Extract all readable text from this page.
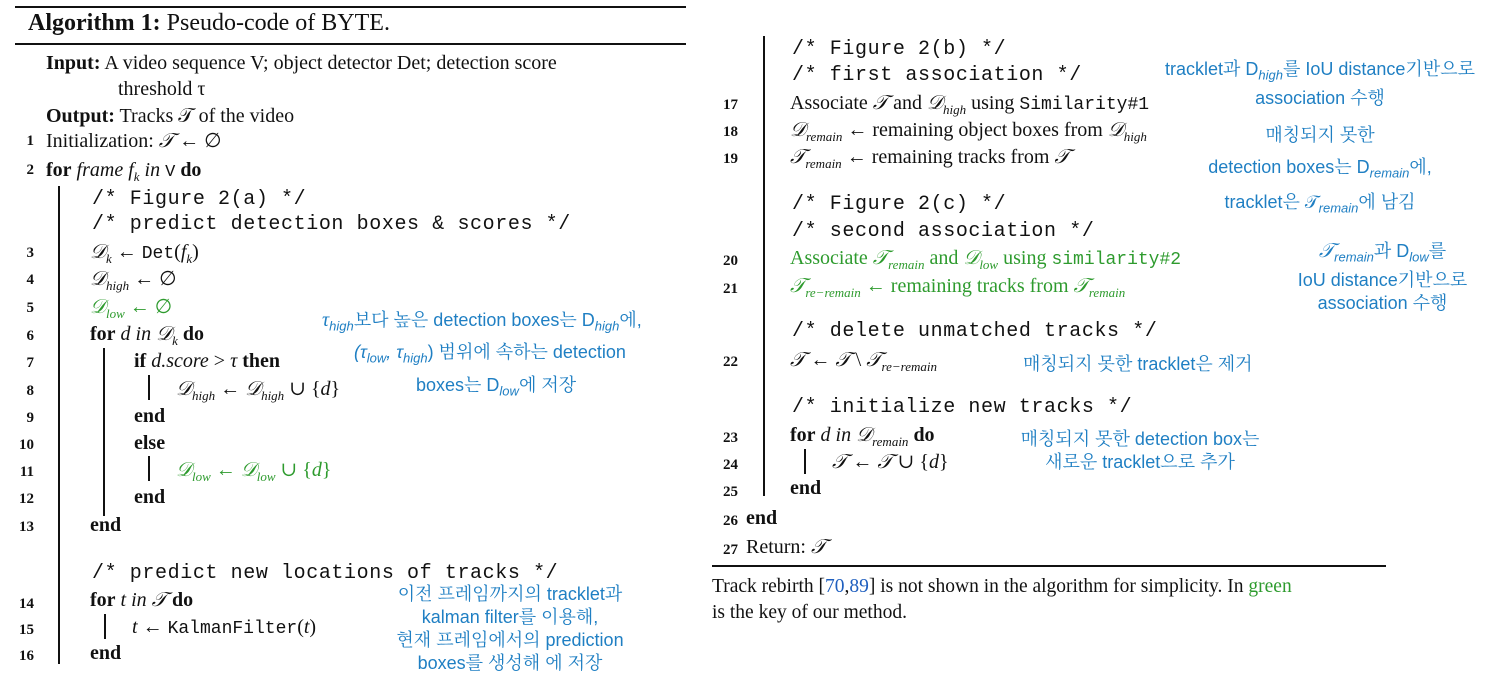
Algorithm 1: Pseudo-code of BYTE.
Input: A video sequence V; object detector Det; detection score
threshold τ
Output: Tracks 𝒯 of the video
1 Initialization: 𝒯 ← ∅
2 for frame $f_k$ in V do
/* Figure 2(a) */
/* predict detection boxes & scores */
3	𝒟$_k$ ← $Det(f_k)$
4	𝒟$_{high}$ ← ∅
5	𝒟$_{low}$ ← ∅
6	for d in 𝒟$_k$ do
7	if d.score > τ then
8	𝒟$_{high}$ ← 𝒟$_{high}$ ∪ {d}
9	end
10	else
11	𝒟$_{low}$ ← 𝒟$_{low}$ ∪ {d}
12	end
13	end
/* predict new locations of tracks */
14	for t in 𝒯 do
15	t ← KalmanFilter(t)
16	end
$\tau_{high}$보다 높은 detection boxes는 $D_{high}$에,
($\tau_{low}$, $\tau_{high}$) 범위에 속하는 detection
boxes는 $D_{low}$에 저장
이전 프레임까지의 tracklet과
kalman filter를 이용해,
현재 프레임에서의 prediction
boxes를 생성해 에 저장
/* Figure 2(b) */
/* first association */
17	Associate 𝒯 and 𝒟$_{high}$ using Similarity#1
18	𝒟$_{remain}$ ← remaining object boxes from 𝒟$_{high}$
19	𝒯$_{remain}$ ← remaining tracks from 𝒯
/* Figure 2(c) */
/* second association */
20	Associate 𝒯$_{remain}$ and 𝒟$_{low}$ using similarity#2
21	𝒯$_{re-remain}$ ← remaining tracks from 𝒯$_{remain}$
/* delete unmatched tracks */
22	𝒯 ← 𝒯 \ 𝒯$_{re-remain}$
/* initialize new tracks */
23	for d in 𝒟$_{remain}$ do
24	𝒯 ← 𝒯 ∪ {d}
25	end
26 end
27 Return: 𝒯
Track rebirth [70,89] is not shown in the algorithm for simplicity. In green
is the key of our method.
tracklet과 $D_{high}$를 IoU distance기반으로
association 수행
매칭되지 못한
detection boxes는 $D_{remain}$에,
tracklet은 𝒯$_{remain}$에 남김
𝒯$_{remain}$과 $D_{low}$를
IoU distance기반으로
association 수행
매칭되지 못한 tracklet은 제거
매칭되지 못한 detection box는
새로운 tracklet으로 추가
